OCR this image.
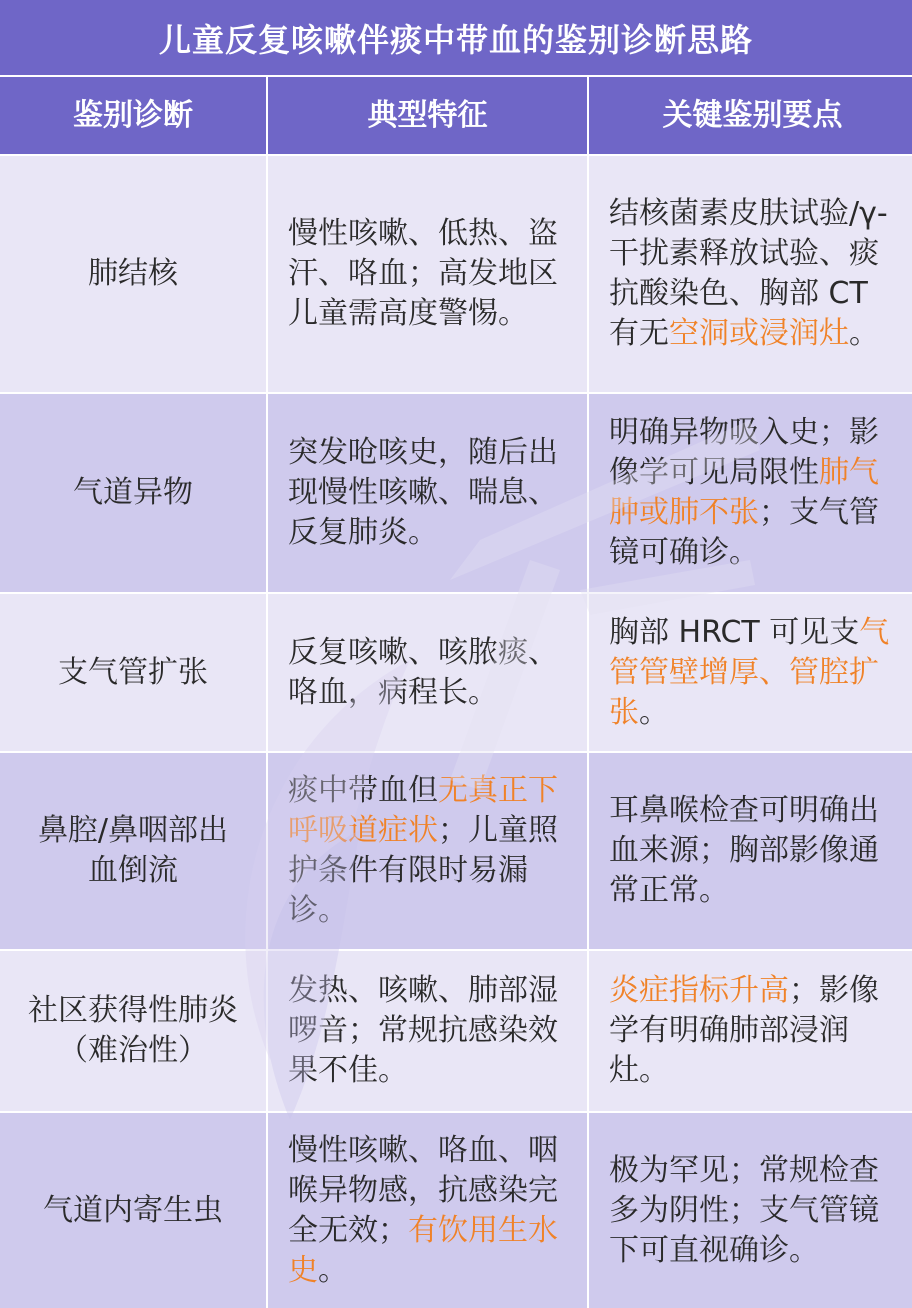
儿童反复咳嗽伴痰中带血的鉴别诊断思路
鉴别诊断	典型特征	关键鉴别要点
肺结核
慢性咳嗽、低热、盗汗、咯血；高发地区儿童需高度警惕。
结核菌素皮肤试验/γ-干扰素释放试验、痰抗酸染色、胸部 CT 有无空洞或浸润灶。
气道异物
突发呛咳史，随后出现慢性咳嗽、喘息、反复肺炎。
明确异物吸入史；影像学可见局限性肺气肿或肺不张；支气管镜可确诊。
支气管扩张
反复咳嗽、咳脓痰、咯血，病程长。
胸部 HRCT 可见支气管管壁增厚、管腔扩张。
鼻腔/鼻咽部出血倒流
痰中带血但无真正下呼吸道症状；儿童照护条件有限时易漏诊。
耳鼻喉检查可明确出血来源；胸部影像通常正常。
社区获得性肺炎（难治性）
发热、咳嗽、肺部湿啰音；常规抗感染效果不佳。
炎症指标升高；影像学有明确肺部浸润灶。
气道内寄生虫
慢性咳嗽、咯血、咽喉异物感，抗感染完全无效；有饮用生水史。
极为罕见；常规检查多为阴性；支气管镜下可直视确诊。
